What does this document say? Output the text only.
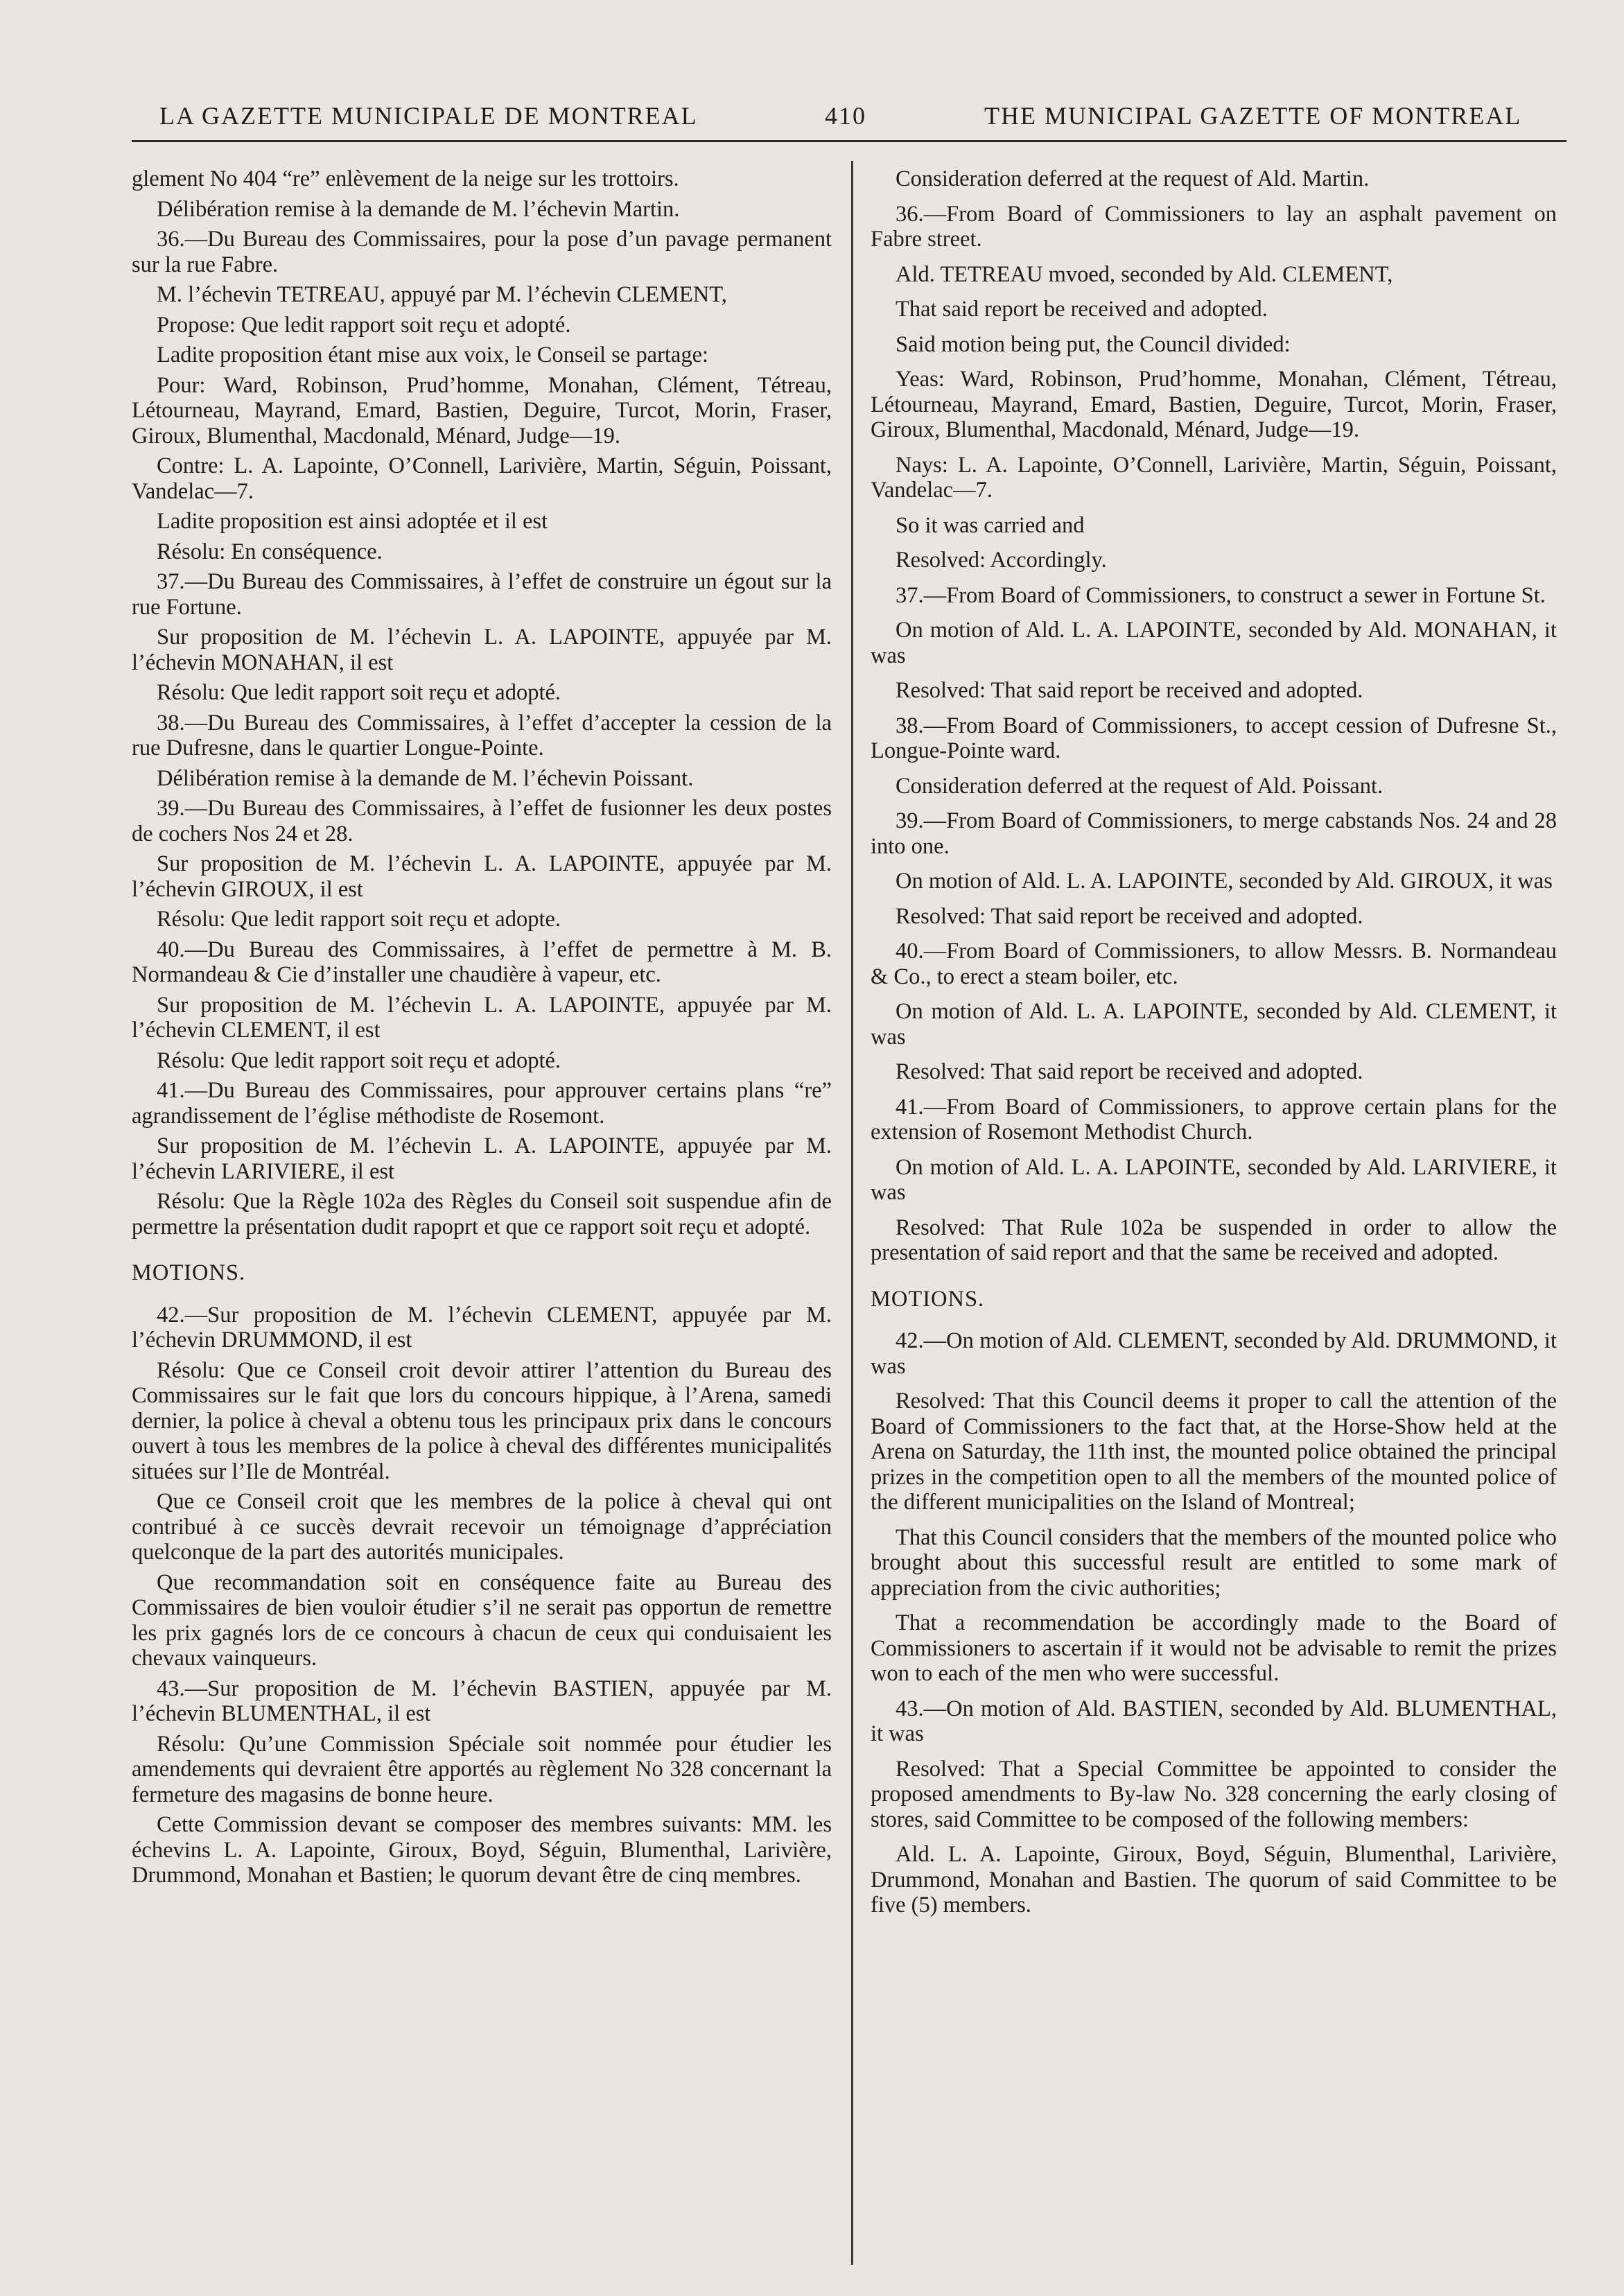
LA GAZETTE MUNICIPALE DE MONTREAL	410	THE MUNICIPAL GAZETTE OF MONTREAL

glement No 404 “re” enlèvement de la neige sur les trottoirs.

Délibération remise à la demande de M. l’échevin Martin.

36.—Du Bureau des Commissaires, pour la pose d’un pavage permanent sur la rue Fabre.

M. l’échevin TETREAU, appuyé par M. l’échevin CLEMENT,

Propose: Que ledit rapport soit reçu et adopté.

Ladite proposition étant mise aux voix, le Conseil se partage:

Pour: Ward, Robinson, Prud’homme, Monahan, Clément, Tétreau, Létourneau, Mayrand, Emard, Bastien, Deguire, Turcot, Morin, Fraser, Giroux, Blumenthal, Macdonald, Ménard, Judge—19.

Contre: L. A. Lapointe, O’Connell, Larivière, Martin, Séguin, Poissant, Vandelac—7.

Ladite proposition est ainsi adoptée et il est

Résolu: En conséquence.

37.—Du Bureau des Commissaires, à l’effet de construire un égout sur la rue Fortune.

Sur proposition de M. l’échevin L. A. LAPOINTE, appuyée par M. l’échevin MONAHAN, il est

Résolu: Que ledit rapport soit reçu et adopté.

38.—Du Bureau des Commissaires, à l’effet d’accepter la cession de la rue Dufresne, dans le quartier Longue-Pointe.

Délibération remise à la demande de M. l’échevin Poissant.

39.—Du Bureau des Commissaires, à l’effet de fusionner les deux postes de cochers Nos 24 et 28.

Sur proposition de M. l’échevin L. A. LAPOINTE, appuyée par M. l’échevin GIROUX, il est

Résolu: Que ledit rapport soit reçu et adopte.

40.—Du Bureau des Commissaires, à l’effet de permettre à M. B. Normandeau & Cie d’installer une chaudière à vapeur, etc.

Sur proposition de M. l’échevin L. A. LAPOINTE, appuyée par M. l’échevin CLEMENT, il est

Résolu: Que ledit rapport soit reçu et adopté.

41.—Du Bureau des Commissaires, pour approuver certains plans “re” agrandissement de l’église méthodiste de Rosemont.

Sur proposition de M. l’échevin L. A. LAPOINTE, appuyée par M. l’échevin LARIVIERE, il est

Résolu: Que la Règle 102a des Règles du Conseil soit suspendue afin de permettre la présentation dudit rapoprt et que ce rapport soit reçu et adopté.

MOTIONS.

42.—Sur proposition de M. l’échevin CLEMENT, appuyée par M. l’échevin DRUMMOND, il est

Résolu: Que ce Conseil croit devoir attirer l’attention du Bureau des Commissaires sur le fait que lors du concours hippique, à l’Arena, samedi dernier, la police à cheval a obtenu tous les principaux prix dans le concours ouvert à tous les membres de la police à cheval des différentes municipalités situées sur l’Ile de Montréal.

Que ce Conseil croit que les membres de la police à cheval qui ont contribué à ce succès devrait recevoir un témoignage d’appréciation quelconque de la part des autorités municipales.

Que recommandation soit en conséquence faite au Bureau des Commissaires de bien vouloir étudier s’il ne serait pas opportun de remettre les prix gagnés lors de ce concours à chacun de ceux qui conduisaient les chevaux vainqueurs.

43.—Sur proposition de M. l’échevin BASTIEN, appuyée par M. l’échevin BLUMENTHAL, il est

Résolu: Qu’une Commission Spéciale soit nommée pour étudier les amendements qui devraient être apportés au règlement No 328 concernant la fermeture des magasins de bonne heure.

Cette Commission devant se composer des membres suivants: MM. les échevins L. A. Lapointe, Giroux, Boyd, Séguin, Blumenthal, Larivière, Drummond, Monahan et Bastien; le quorum devant être de cinq membres.

Consideration deferred at the request of Ald. Martin.

36.—From Board of Commissioners to lay an asphalt pavement on Fabre street.

Ald. TETREAU mvoed, seconded by Ald. CLEMENT,

That said report be received and adopted.

Said motion being put, the Council divided:

Yeas: Ward, Robinson, Prud’homme, Monahan, Clément, Tétreau, Létourneau, Mayrand, Emard, Bastien, Deguire, Turcot, Morin, Fraser, Giroux, Blumenthal, Macdonald, Ménard, Judge—19.

Nays: L. A. Lapointe, O’Connell, Larivière, Martin, Séguin, Poissant, Vandelac—7.

So it was carried and

Resolved: Accordingly.

37.—From Board of Commissioners, to construct a sewer in Fortune St.

On motion of Ald. L. A. LAPOINTE, seconded by Ald. MONAHAN, it was

Resolved: That said report be received and adopted.

38.—From Board of Commissioners, to accept cession of Dufresne St., Longue-Pointe ward.

Consideration deferred at the request of Ald. Poissant.

39.—From Board of Commissioners, to merge cabstands Nos. 24 and 28 into one.

On motion of Ald. L. A. LAPOINTE, seconded by Ald. GIROUX, it was

Resolved: That said report be received and adopted.

40.—From Board of Commissioners, to allow Messrs. B. Normandeau & Co., to erect a steam boiler, etc.

On motion of Ald. L. A. LAPOINTE, seconded by Ald. CLEMENT, it was

Resolved: That said report be received and adopted.

41.—From Board of Commissioners, to approve certain plans for the extension of Rosemont Methodist Church.

On motion of Ald. L. A. LAPOINTE, seconded by Ald. LARIVIERE, it was

Resolved: That Rule 102a be suspended in order to allow the presentation of said report and that the same be received and adopted.

MOTIONS.

42.—On motion of Ald. CLEMENT, seconded by Ald. DRUMMOND, it was

Resolved: That this Council deems it proper to call the attention of the Board of Commissioners to the fact that, at the Horse-Show held at the Arena on Saturday, the 11th inst, the mounted police obtained the principal prizes in the competition open to all the members of the mounted police of the different municipalities on the Island of Montreal;

That this Council considers that the members of the mounted police who brought about this successful result are entitled to some mark of appreciation from the civic authorities;

That a recommendation be accordingly made to the Board of Commissioners to ascertain if it would not be advisable to remit the prizes won to each of the men who were successful.

43.—On motion of Ald. BASTIEN, seconded by Ald. BLUMENTHAL, it was

Resolved: That a Special Committee be appointed to consider the proposed amendments to By-law No. 328 concerning the early closing of stores, said Committee to be composed of the following members:

Ald. L. A. Lapointe, Giroux, Boyd, Séguin, Blumenthal, Larivière, Drummond, Monahan and Bastien. The quorum of said Committee to be five (5) members.
